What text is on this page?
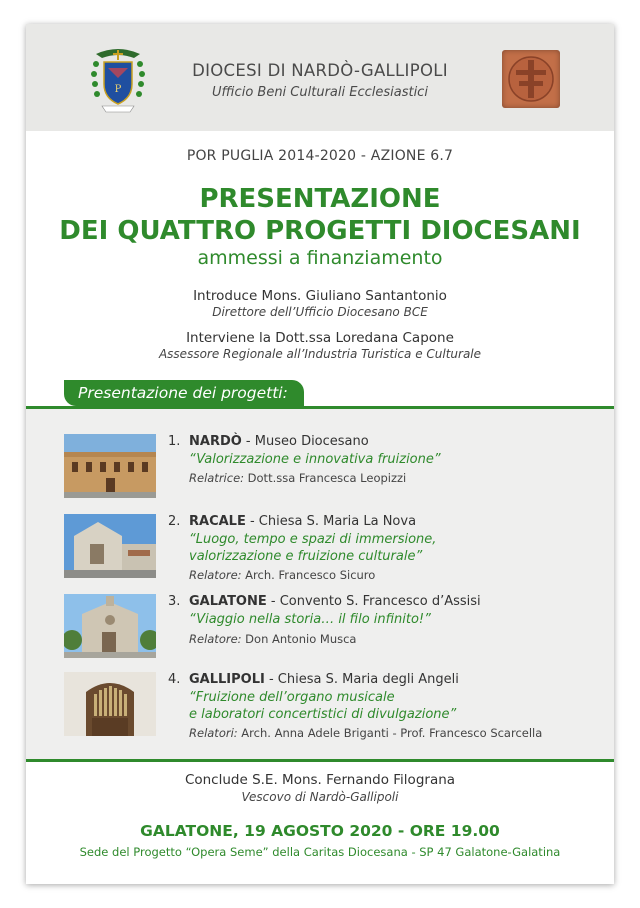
P
DIOCESI DI NARDÒ-GALLIPOLI
Ufficio Beni Culturali Ecclesiastici
POR PUGLIA 2014-2020 - AZIONE 6.7
PRESENTAZIONE
DEI QUATTRO PROGETTI DIOCESANI
ammessi a finanziamento
Introduce Mons. Giuliano Santantonio
Direttore dell’Ufficio Diocesano BCE
Interviene la Dott.ssa Loredana Capone
Assessore Regionale all’Industria Turistica e Culturale
Presentazione dei progetti:
1. NARDÒ - Museo Diocesano
“Valorizzazione e innovativa fruizione”
Relatrice: Dott.ssa Francesca Leopizzi
2. RACALE - Chiesa S. Maria La Nova
“Luogo, tempo e spazi di immersione,
valorizzazione e fruizione culturale”
Relatore: Arch. Francesco Sicuro
3. GALATONE - Convento S. Francesco d’Assisi
“Viaggio nella storia… il filo infinito!”
Relatore: Don Antonio Musca
4. GALLIPOLI - Chiesa S. Maria degli Angeli
“Fruizione dell’organo musicale
e laboratori concertistici di divulgazione”
Relatori: Arch. Anna Adele Briganti - Prof. Francesco Scarcella
Conclude S.E. Mons. Fernando Filograna
Vescovo di Nardò-Gallipoli
GALATONE, 19 AGOSTO 2020 - ORE 19.00
Sede del Progetto “Opera Seme” della Caritas Diocesana - SP 47 Galatone-Galatina
